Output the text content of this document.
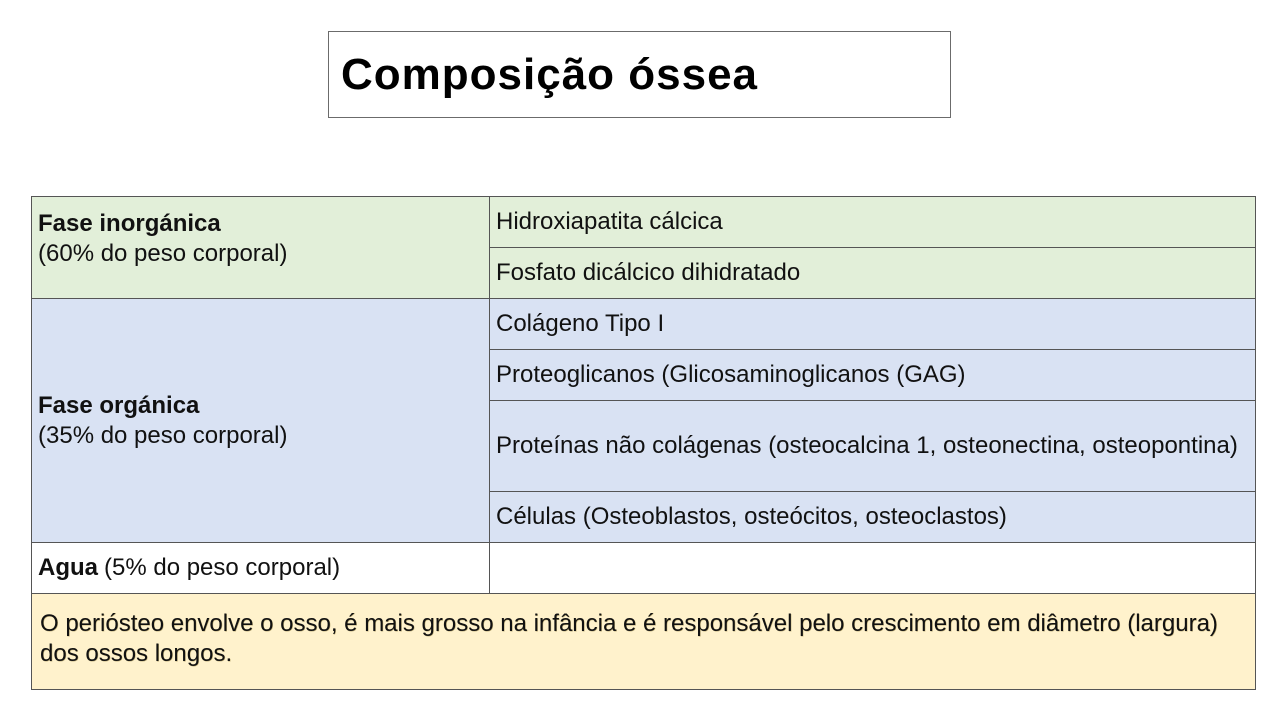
Composição óssea
Fase inorgánica
(60% do peso corporal)	Hidroxiapatita cálcica
	Fosfato dicálcico dihidratado

Fase orgánica
(35% do peso corporal)	Colágeno Tipo I
	Proteoglicanos (Glicosaminoglicanos (GAG)
	Proteínas não colágenas (osteocalcina 1, osteonectina, osteopontina)
	Células (Osteoblastos, osteócitos, osteoclastos)
Agua (5% do peso corporal)	
O periósteo envolve o osso, é mais grosso na infância e é responsável pelo crescimento em diâmetro (largura) dos ossos longos.	
